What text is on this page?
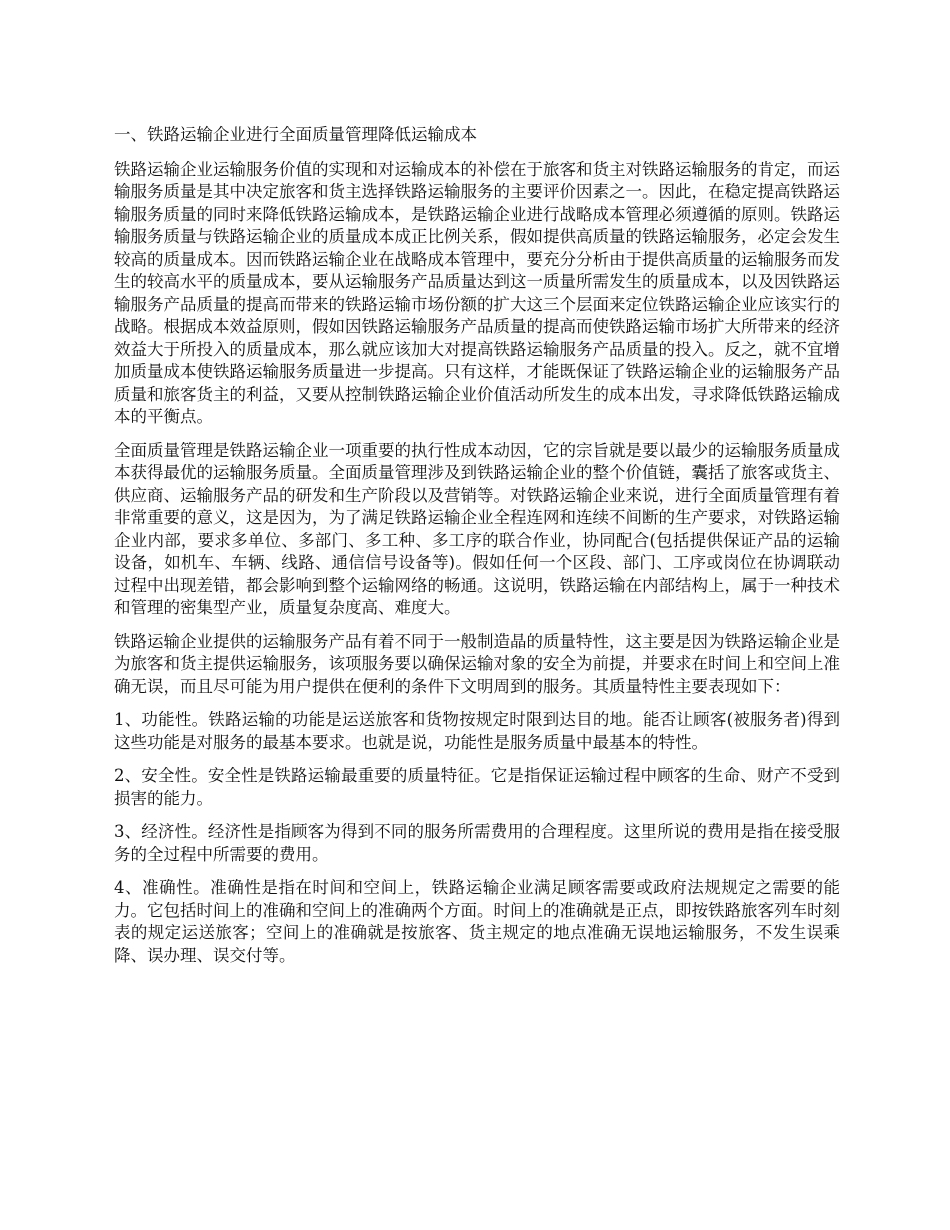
一、铁路运输企业进行全面质量管理降低运输成本

铁路运输企业运输服务价值的实现和对运输成本的补偿在于旅客和货主对铁路运输服务的肯定，而运输服务质量是其中决定旅客和货主选择铁路运输服务的主要评价因素之一。因此，在稳定提高铁路运输服务质量的同时来降低铁路运输成本，是铁路运输企业进行战略成本管理必须遵循的原则。铁路运输服务质量与铁路运输企业的质量成本成正比例关系，假如提供高质量的铁路运输服务，必定会发生较高的质量成本。因而铁路运输企业在战略成本管理中，要充分分析由于提供高质量的运输服务而发生的较高水平的质量成本，要从运输服务产品质量达到这一质量所需发生的质量成本，以及因铁路运输服务产品质量的提高而带来的铁路运输市场份额的扩大这三个层面来定位铁路运输企业应该实行的战略。根据成本效益原则，假如因铁路运输服务产品质量的提高而使铁路运输市场扩大所带来的经济效益大于所投入的质量成本，那么就应该加大对提高铁路运输服务产品质量的投入。反之，就不宜增加质量成本使铁路运输服务质量进一步提高。只有这样，才能既保证了铁路运输企业的运输服务产品质量和旅客货主的利益，又要从控制铁路运输企业价值活动所发生的成本出发，寻求降低铁路运输成本的平衡点。

全面质量管理是铁路运输企业一项重要的执行性成本动因，它的宗旨就是要以最少的运输服务质量成本获得最优的运输服务质量。全面质量管理涉及到铁路运输企业的整个价值链，囊括了旅客或货主、供应商、运输服务产品的研发和生产阶段以及营销等。对铁路运输企业来说，进行全面质量管理有着非常重要的意义，这是因为，为了满足铁路运输企业全程连网和连续不间断的生产要求，对铁路运输企业内部，要求多单位、多部门、多工种、多工序的联合作业，协同配合(包括提供保证产品的运输设备，如机车、车辆、线路、通信信号设备等)。假如任何一个区段、部门、工序或岗位在协调联动过程中出现差错，都会影响到整个运输网络的畅通。这说明，铁路运输在内部结构上，属于一种技术和管理的密集型产业，质量复杂度高、难度大。

铁路运输企业提供的运输服务产品有着不同于一般制造晶的质量特性，这主要是因为铁路运输企业是为旅客和货主提供运输服务，该项服务要以确保运输对象的安全为前提，并要求在时间上和空间上准确无误，而且尽可能为用户提供在便利的条件下文明周到的服务。其质量特性主要表现如下：

1、功能性。铁路运输的功能是运送旅客和货物按规定时限到达目的地。能否让顾客(被服务者)得到这些功能是对服务的最基本要求。也就是说，功能性是服务质量中最基本的特性。

2、安全性。安全性是铁路运输最重要的质量特征。它是指保证运输过程中顾客的生命、财产不受到损害的能力。

3、经济性。经济性是指顾客为得到不同的服务所需费用的合理程度。这里所说的费用是指在接受服务的全过程中所需要的费用。

4、准确性。准确性是指在时间和空间上，铁路运输企业满足顾客需要或政府法规规定之需要的能力。它包括时间上的准确和空间上的准确两个方面。时间上的准确就是正点，即按铁路旅客列车时刻表的规定运送旅客；空间上的准确就是按旅客、货主规定的地点准确无误地运输服务，不发生误乘降、误办理、误交付等。
